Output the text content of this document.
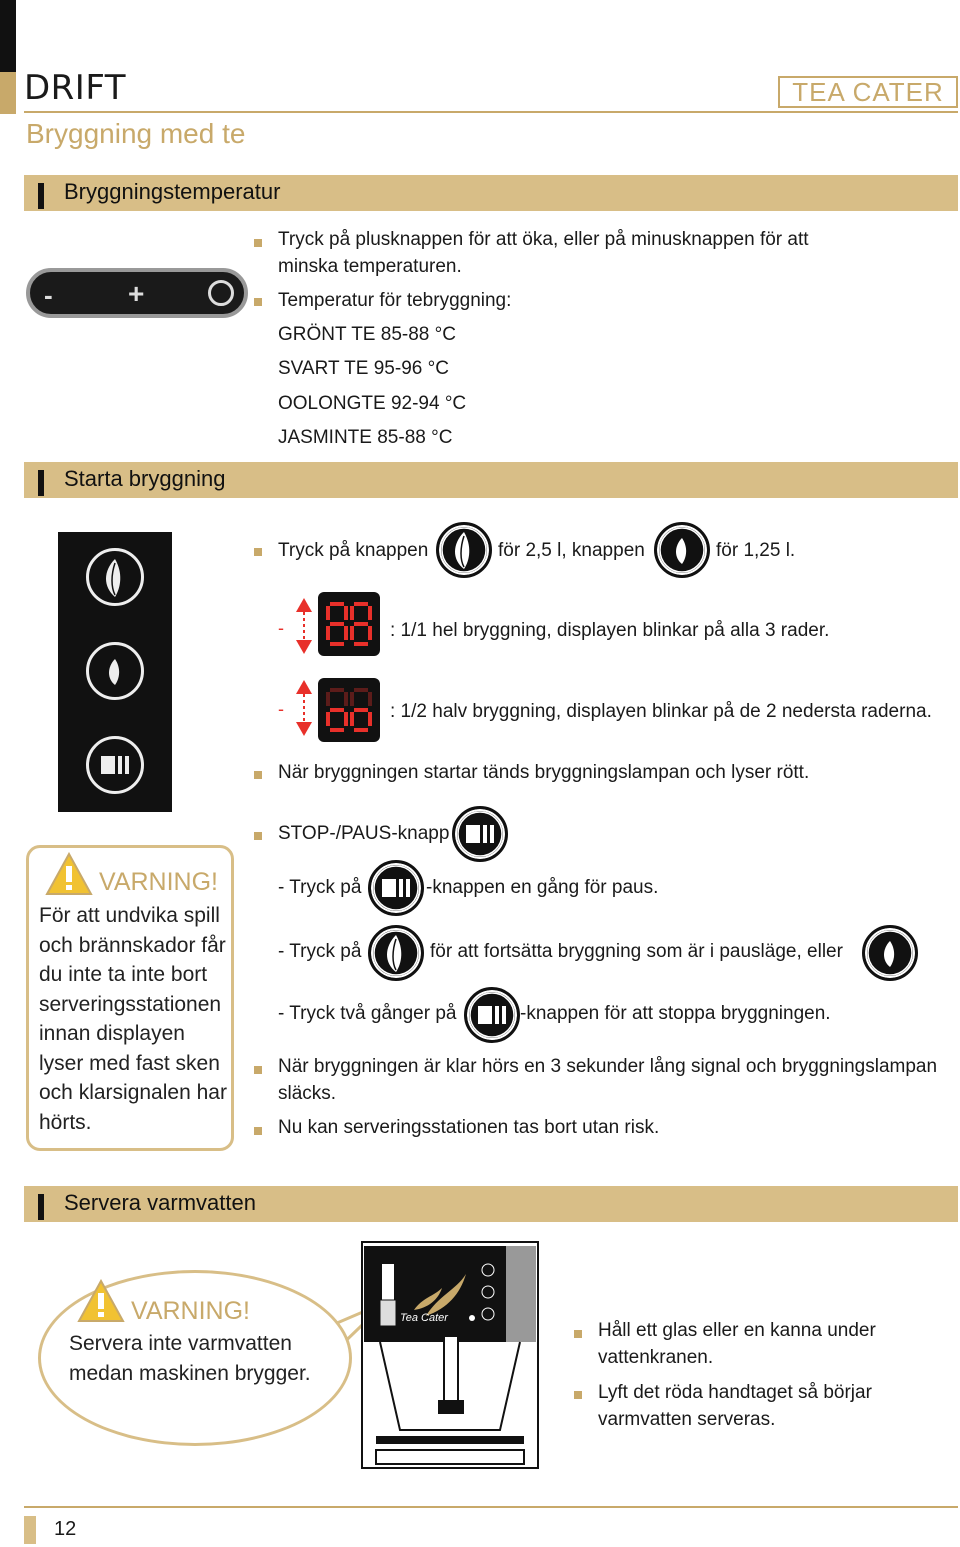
DRIFT	TEA CATER
Bryggning med te
Bryggningstemperatur
-	+
Tryck på plusknappen för att öka, eller på minusknappen för att
minska temperaturen.
Temperatur för tebryggning:
GRÖNT TE 85-88 °C
SVART TE 95-96 °C
OOLONGTE 92-94 °C
JASMINTE 85-88 °C
Starta bryggning
Tryck på knappen	för 2,5 l, knappen	för 1,25 l.
-	: 1/1 hel bryggning, displayen blinkar på alla 3 rader.
-	: 1/2 halv bryggning, displayen blinkar på de 2 nedersta raderna.
När bryggningen startar tänds bryggningslampan och lyser rött.
STOP-/PAUS-knapp
- Tryck på	-knappen en gång för paus.
- Tryck på	för att fortsätta bryggning som är i pausläge, eller
- Tryck två gånger på	-knappen för att stoppa bryggningen.
När bryggningen är klar hörs en 3 sekunder lång signal och bryggningslampan
släcks.
Nu kan serveringsstationen tas bort utan risk.
VARNING!
För att undvika spill
och brännskador får
du inte ta inte bort
serveringsstationen
innan displayen
lyser med fast sken
och klarsignalen har
hörts.
Servera varmvatten
VARNING!
Servera inte varmvatten
medan maskinen brygger.
Tea Cater
Håll ett glas eller en kanna under
vattenkranen.
Lyft det röda handtaget så börjar
varmvatten serveras.
12
